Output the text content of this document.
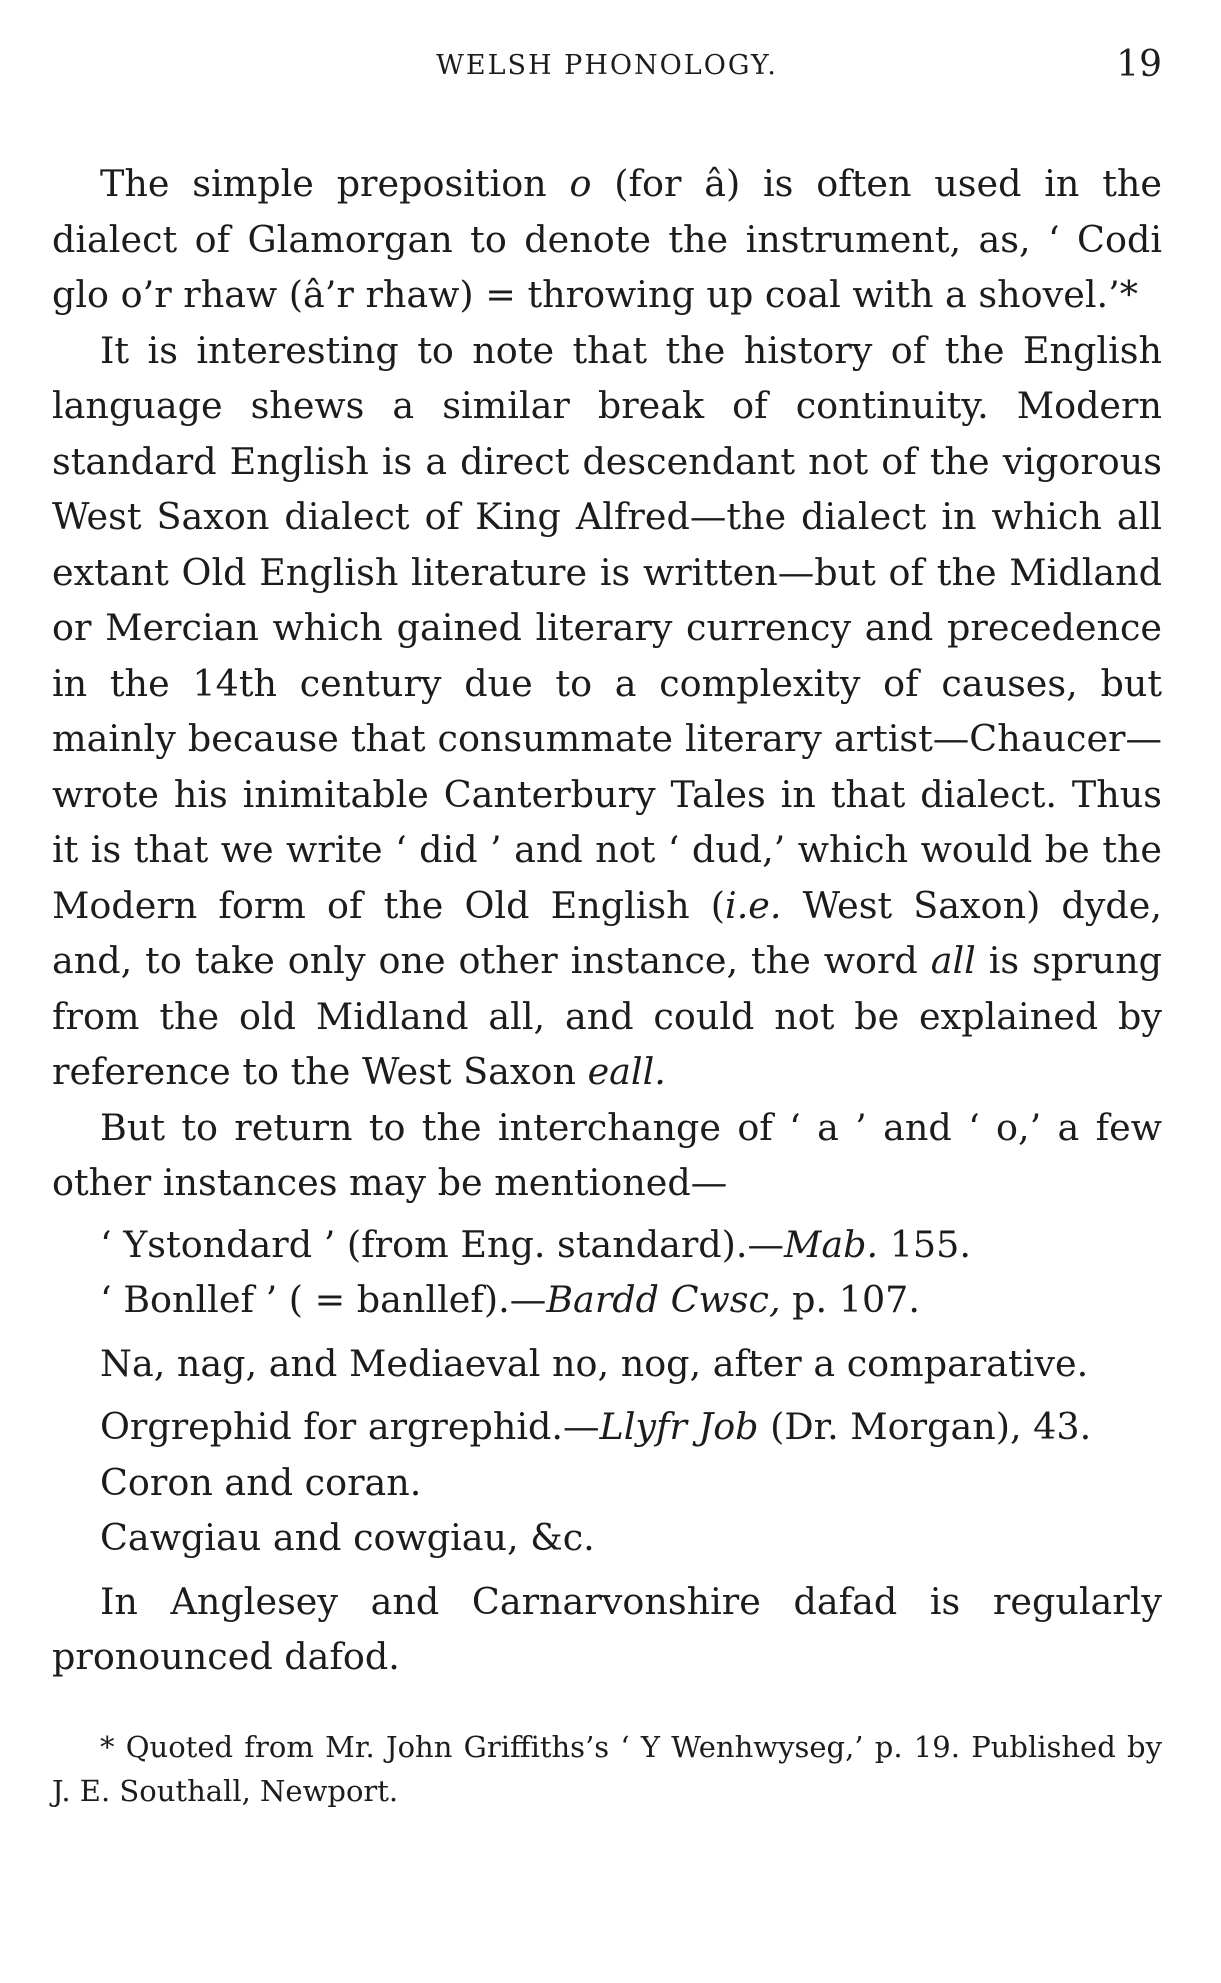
WELSH PHONOLOGY.	19

The simple preposition o (for â) is often used in the dialect of Glamorgan to denote the instrument, as, ‘ Codi glo o’r rhaw (â’r rhaw) = throwing up coal with a shovel.’*

It is interesting to note that the history of the English language shews a similar break of continuity. Modern standard English is a direct descendant not of the vigorous West Saxon dialect of King Alfred—the dialect in which all extant Old English literature is written—but of the Midland or Mercian which gained literary currency and precedence in the 14th century due to a complexity of causes, but mainly because that consummate literary artist—Chaucer—wrote his inimitable Canterbury Tales in that dialect. Thus it is that we write ‘ did ’ and not ‘ dud,’ which would be the Modern form of the Old English (i.e. West Saxon) dyde, and, to take only one other instance, the word all is sprung from the old Midland all, and could not be explained by reference to the West Saxon eall.

But to return to the interchange of ‘ a ’ and ‘ o,’ a few other instances may be mentioned—

‘ Ystondard ’ (from Eng. standard).—Mab. 155.

‘ Bonllef ’ ( = banllef).—Bardd Cwsc, p. 107.

Na, nag, and Mediaeval no, nog, after a comparative.

Orgrephid for argrephid.—Llyfr Job (Dr. Morgan), 43.

Coron and coran.

Cawgiau and cowgiau, &c.

In Anglesey and Carnarvonshire dafad is regularly pronounced dafod.

* Quoted from Mr. John Griffiths’s ‘ Y Wenhwyseg,’ p. 19. Published by J. E. Southall, Newport.
